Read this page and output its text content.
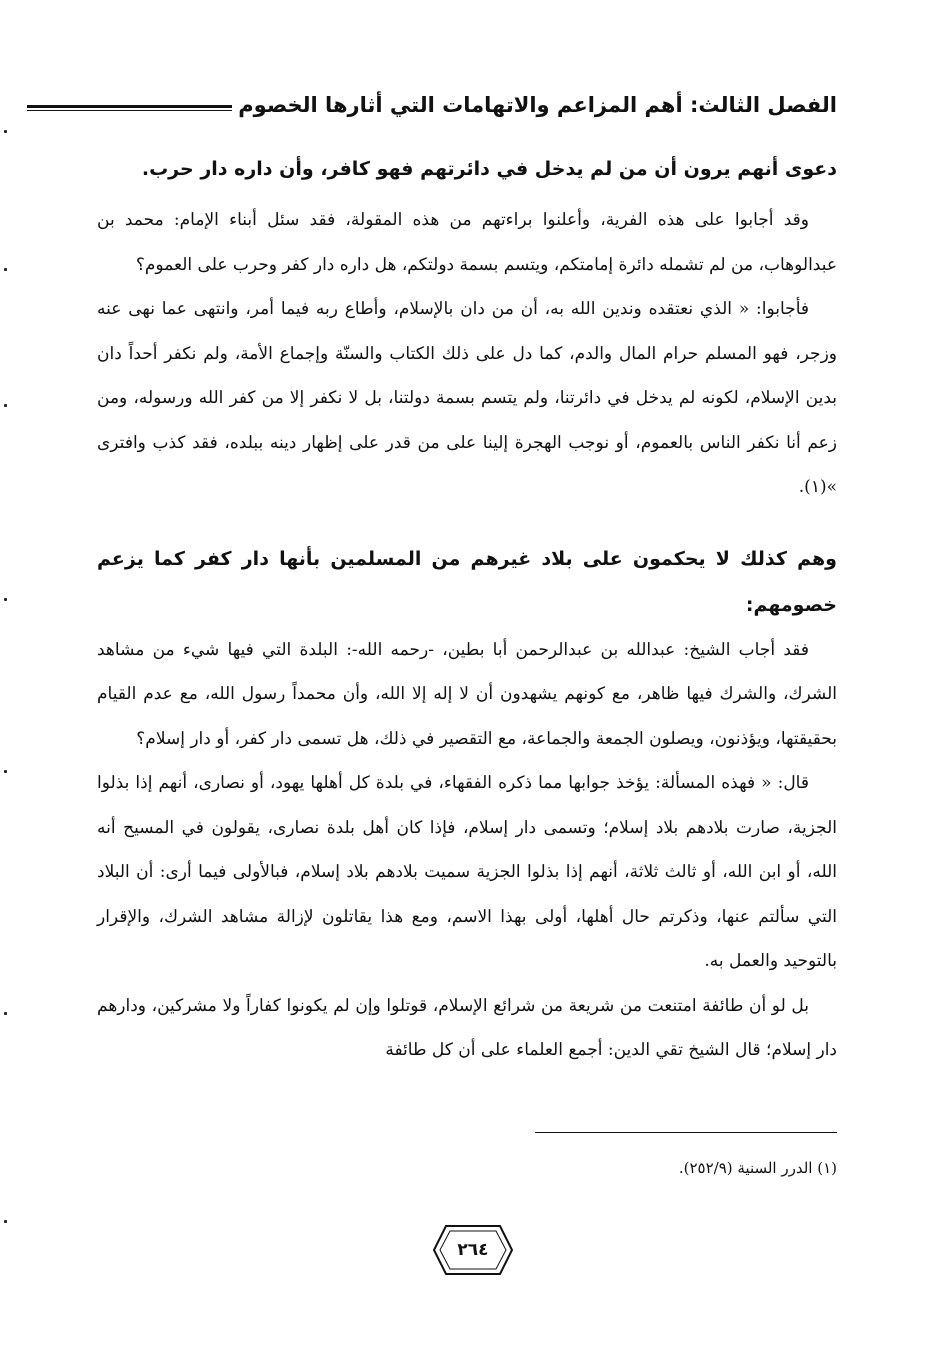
الفصل الثالث: أهم المزاعم والاتهامات التي أثارها الخصوم
دعوى أنهم يرون أن من لم يدخل في دائرتهم فهو كافر، وأن داره دار حرب.

وقد أجابوا على هذه الفرية، وأعلنوا براءتهم من هذه المقولة، فقد سئل أبناء الإمام: محمد بن عبدالوهاب، من لم تشمله دائرة إمامتكم، ويتسم بسمة دولتكم، هل داره دار كفر وحرب على العموم؟

فأجابوا: « الذي نعتقده وندين الله به، أن من دان بالإسلام، وأطاع ربه فيما أمر، وانتهى عما نهى عنه وزجر، فهو المسلم حرام المال والدم، كما دل على ذلك الكتاب والسنّة وإجماع الأمة، ولم نكفر أحداً دان بدين الإسلام، لكونه لم يدخل في دائرتنا، ولم يتسم بسمة دولتنا، بل لا نكفر إلا من كفر الله ورسوله، ومن زعم أنا نكفر الناس بالعموم، أو نوجب الهجرة إلينا على من قدر على إظهار دينه ببلده، فقد كذب وافترى »(١).

وهم كذلك لا يحكمون على بلاد غيرهم من المسلمين بأنها دار كفر كما يزعم خصومهم:

فقد أجاب الشيخ: عبدالله بن عبدالرحمن أبا بطين، -رحمه الله-: البلدة التي فيها شيء من مشاهد الشرك، والشرك فيها ظاهر، مع كونهم يشهدون أن لا إله إلا الله، وأن محمداً رسول الله، مع عدم القيام بحقيقتها، ويؤذنون، ويصلون الجمعة والجماعة، مع التقصير في ذلك، هل تسمى دار كفر، أو دار إسلام؟

قال: « فهذه المسألة: يؤخذ جوابها مما ذكره الفقهاء، في بلدة كل أهلها يهود، أو نصارى، أنهم إذا بذلوا الجزية، صارت بلادهم بلاد إسلام؛ وتسمى دار إسلام، فإذا كان أهل بلدة نصارى، يقولون في المسيح أنه الله، أو ابن الله، أو ثالث ثلاثة، أنهم إذا بذلوا الجزية سميت بلادهم بلاد إسلام، فبالأولى فيما أرى: أن البلاد التي سألتم عنها، وذكرتم حال أهلها، أولى بهذا الاسم، ومع هذا يقاتلون لإزالة مشاهد الشرك، والإقرار بالتوحيد والعمل به.

بل لو أن طائفة امتنعت من شريعة من شرائع الإسلام، قوتلوا وإن لم يكونوا كفاراً ولا مشركين، ودارهم دار إسلام؛ قال الشيخ تقي الدين: أجمع العلماء على أن كل طائفة

(١) الدرر السنية (٢٥٢/٩).
٢٦٤
